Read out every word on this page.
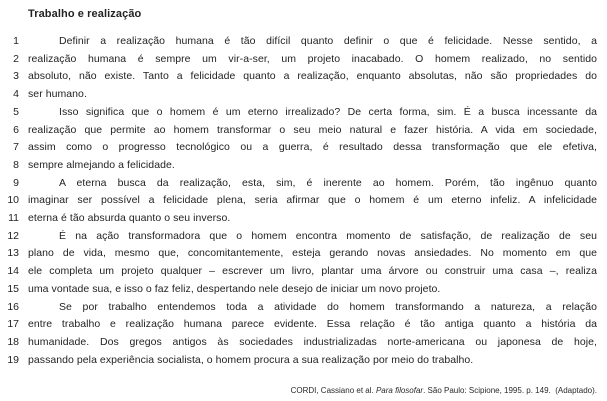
Trabalho e realização
1	Definir a realização humana é tão difícil quanto definir o que é felicidade. Nesse sentido, a
2 realização humana é sempre um vir-a-ser, um projeto inacabado. O homem realizado, no sentido
3 absoluto, não existe. Tanto a felicidade quanto a realização, enquanto absolutas, não são propriedades do
4 ser humano.
5	Isso significa que o homem é um eterno irrealizado? De certa forma, sim. É a busca incessante da
6 realização que permite ao homem transformar o seu meio natural e fazer história. A vida em sociedade,
7 assim como o progresso tecnológico ou a guerra, é resultado dessa transformação que ele efetiva,
8 sempre almejando a felicidade.
9	A eterna busca da realização, esta, sim, é inerente ao homem. Porém, tão ingênuo quanto
10 imaginar ser possível a felicidade plena, seria afirmar que o homem é um eterno infeliz. A infelicidade
11 eterna é tão absurda quanto o seu inverso.
12	É na ação transformadora que o homem encontra momento de satisfação, de realização de seu
13 plano de vida, mesmo que, concomitantemente, esteja gerando novas ansiedades. No momento em que
14 ele completa um projeto qualquer – escrever um livro, plantar uma árvore ou construir uma casa –, realiza
15 uma vontade sua, e isso o faz feliz, despertando nele desejo de iniciar um novo projeto.
16	Se por trabalho entendemos toda a atividade do homem transformando a natureza, a relação
17 entre trabalho e realização humana parece evidente. Essa relação é tão antiga quanto a história da
18 humanidade. Dos gregos antigos às sociedades industrializadas norte-americana ou japonesa de hoje,
19 passando pela experiência socialista, o homem procura a sua realização por meio do trabalho.
CORDI, Cassiano et al. Para filosofar. São Paulo: Scipione, 1995. p. 149.  (Adaptado).
